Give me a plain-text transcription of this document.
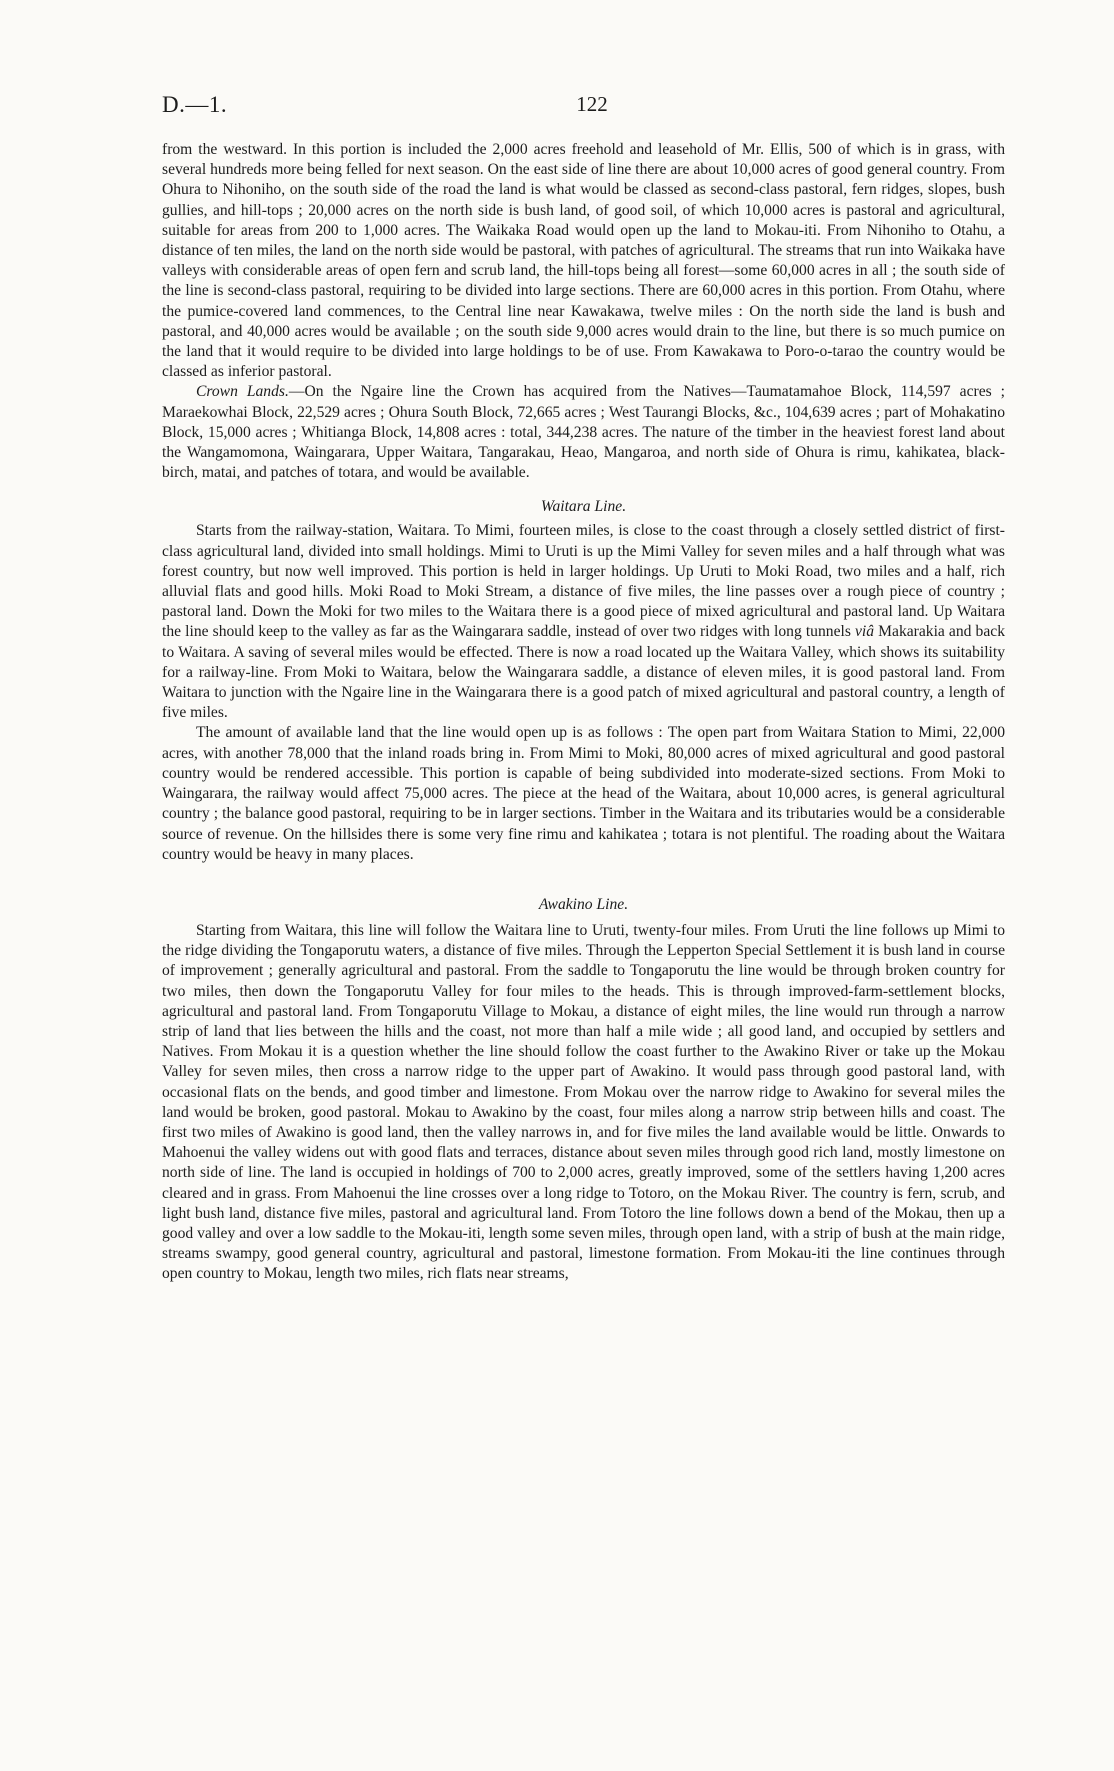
D.—1.	122

from the westward. In this portion is included the 2,000 acres freehold and leasehold of Mr. Ellis, 500 of which is in grass, with several hundreds more being felled for next season. On the east side of line there are about 10,000 acres of good general country. From Ohura to Nihoniho, on the south side of the road the land is what would be classed as second-class pastoral, fern ridges, slopes, bush gullies, and hill-tops ; 20,000 acres on the north side is bush land, of good soil, of which 10,000 acres is pastoral and agricultural, suitable for areas from 200 to 1,000 acres. The Waikaka Road would open up the land to Mokau-iti. From Nihoniho to Otahu, a distance of ten miles, the land on the north side would be pastoral, with patches of agricultural. The streams that run into Waikaka have valleys with considerable areas of open fern and scrub land, the hill-tops being all forest—some 60,000 acres in all ; the south side of the line is second-class pastoral, requiring to be divided into large sections. There are 60,000 acres in this portion. From Otahu, where the pumice-covered land commences, to the Central line near Kawakawa, twelve miles : On the north side the land is bush and pastoral, and 40,000 acres would be available ; on the south side 9,000 acres would drain to the line, but there is so much pumice on the land that it would require to be divided into large holdings to be of use. From Kawakawa to Poro-o-tarao the country would be classed as inferior pastoral.

Crown Lands.—On the Ngaire line the Crown has acquired from the Natives—Taumatamahoe Block, 114,597 acres ; Maraekowhai Block, 22,529 acres ; Ohura South Block, 72,665 acres ; West Taurangi Blocks, &c., 104,639 acres ; part of Mohakatino Block, 15,000 acres ; Whitianga Block, 14,808 acres : total, 344,238 acres. The nature of the timber in the heaviest forest land about the Wangamomona, Waingarara, Upper Waitara, Tangarakau, Heao, Mangaroa, and north side of Ohura is rimu, kahikatea, black-birch, matai, and patches of totara, and would be available.

Waitara Line.

Starts from the railway-station, Waitara. To Mimi, fourteen miles, is close to the coast through a closely settled district of first-class agricultural land, divided into small holdings. Mimi to Uruti is up the Mimi Valley for seven miles and a half through what was forest country, but now well improved. This portion is held in larger holdings. Up Uruti to Moki Road, two miles and a half, rich alluvial flats and good hills. Moki Road to Moki Stream, a distance of five miles, the line passes over a rough piece of country ; pastoral land. Down the Moki for two miles to the Waitara there is a good piece of mixed agricultural and pastoral land. Up Waitara the line should keep to the valley as far as the Waingarara saddle, instead of over two ridges with long tunnels viâ Makarakia and back to Waitara. A saving of several miles would be effected. There is now a road located up the Waitara Valley, which shows its suitability for a railway-line. From Moki to Waitara, below the Waingarara saddle, a distance of eleven miles, it is good pastoral land. From Waitara to junction with the Ngaire line in the Waingarara there is a good patch of mixed agricultural and pastoral country, a length of five miles.

The amount of available land that the line would open up is as follows : The open part from Waitara Station to Mimi, 22,000 acres, with another 78,000 that the inland roads bring in. From Mimi to Moki, 80,000 acres of mixed agricultural and good pastoral country would be rendered accessible. This portion is capable of being subdivided into moderate-sized sections. From Moki to Waingarara, the railway would affect 75,000 acres. The piece at the head of the Waitara, about 10,000 acres, is general agricultural country ; the balance good pastoral, requiring to be in larger sections. Timber in the Waitara and its tributaries would be a considerable source of revenue. On the hillsides there is some very fine rimu and kahikatea ; totara is not plentiful. The roading about the Waitara country would be heavy in many places.

Awakino Line.

Starting from Waitara, this line will follow the Waitara line to Uruti, twenty-four miles. From Uruti the line follows up Mimi to the ridge dividing the Tongaporutu waters, a distance of five miles. Through the Lepperton Special Settlement it is bush land in course of improvement ; generally agricultural and pastoral. From the saddle to Tongaporutu the line would be through broken country for two miles, then down the Tongaporutu Valley for four miles to the heads. This is through improved-farm-settlement blocks, agricultural and pastoral land. From Tongaporutu Village to Mokau, a distance of eight miles, the line would run through a narrow strip of land that lies between the hills and the coast, not more than half a mile wide ; all good land, and occupied by settlers and Natives. From Mokau it is a question whether the line should follow the coast further to the Awakino River or take up the Mokau Valley for seven miles, then cross a narrow ridge to the upper part of Awakino. It would pass through good pastoral land, with occasional flats on the bends, and good timber and limestone. From Mokau over the narrow ridge to Awakino for several miles the land would be broken, good pastoral. Mokau to Awakino by the coast, four miles along a narrow strip between hills and coast. The first two miles of Awakino is good land, then the valley narrows in, and for five miles the land available would be little. Onwards to Mahoenui the valley widens out with good flats and terraces, distance about seven miles through good rich land, mostly limestone on north side of line. The land is occupied in holdings of 700 to 2,000 acres, greatly improved, some of the settlers having 1,200 acres cleared and in grass. From Mahoenui the line crosses over a long ridge to Totoro, on the Mokau River. The country is fern, scrub, and light bush land, distance five miles, pastoral and agricultural land. From Totoro the line follows down a bend of the Mokau, then up a good valley and over a low saddle to the Mokau-iti, length some seven miles, through open land, with a strip of bush at the main ridge, streams swampy, good general country, agricultural and pastoral, limestone formation. From Mokau-iti the line continues through open country to Mokau, length two miles, rich flats near streams,
